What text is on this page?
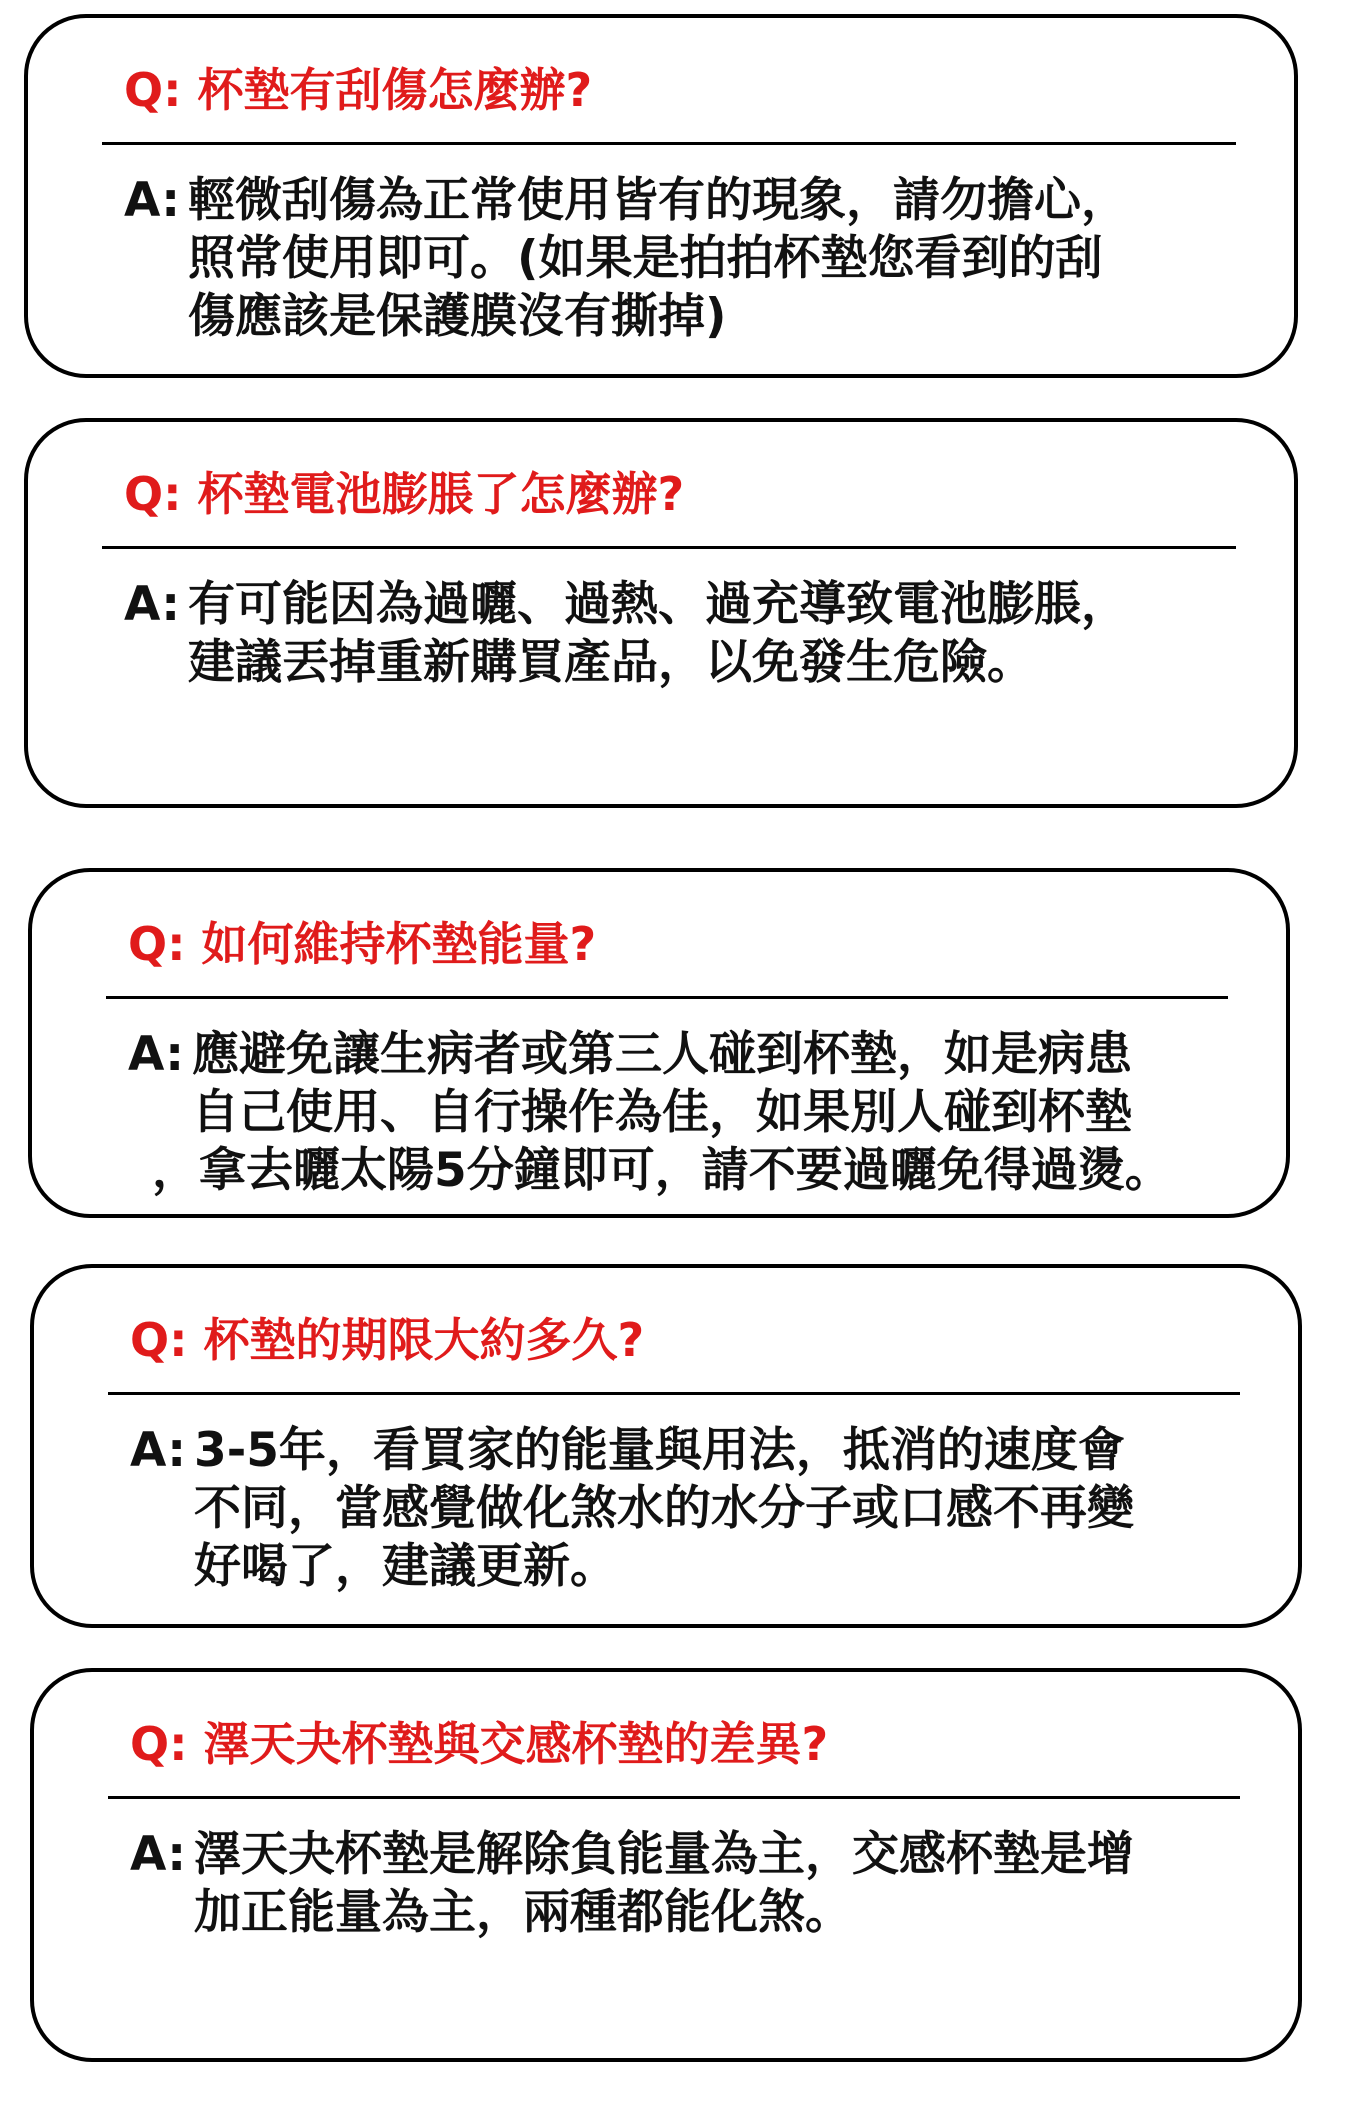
Q: 杯墊有刮傷怎麼辦?
A: 輕微刮傷為正常使用皆有的現象，請勿擔心，
照常使用即可。(如果是拍拍杯墊您看到的刮
傷應該是保護膜沒有撕掉)
Q: 杯墊電池膨脹了怎麼辦?
A: 有可能因為過曬、過熱、過充導致電池膨脹，
建議丟掉重新購買產品，以免發生危險。
Q: 如何維持杯墊能量?
A: 應避免讓生病者或第三人碰到杯墊，如是病患
自己使用、自行操作為佳，如果別人碰到杯墊
，拿去曬太陽5分鐘即可，請不要過曬免得過燙。
Q: 杯墊的期限大約多久?
A: 3-5年，看買家的能量與用法，抵消的速度會
不同，當感覺做化煞水的水分子或口感不再變
好喝了，建議更新。
Q: 澤天夬杯墊與交感杯墊的差異?
A: 澤天夬杯墊是解除負能量為主，交感杯墊是增
加正能量為主，兩種都能化煞。
